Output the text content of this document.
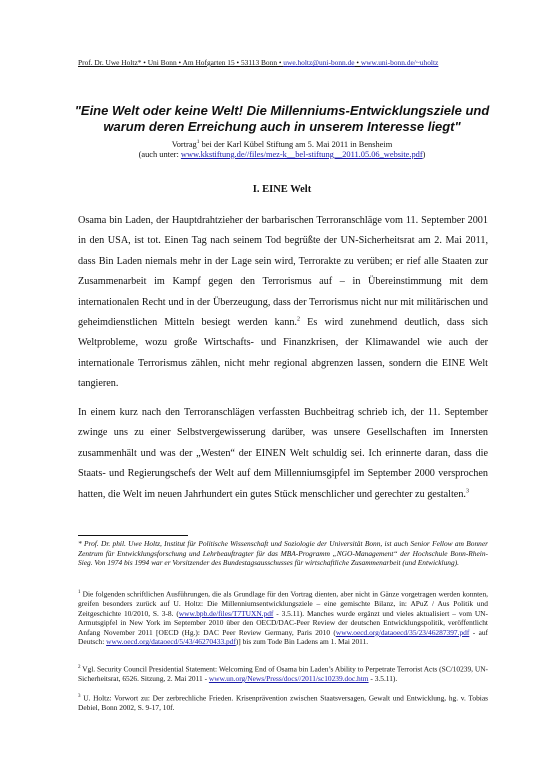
Prof. Dr. Uwe Holtz* • Uni Bonn • Am Hofgarten 15 • 53113 Bonn • uwe.holtz@uni-bonn.de • www.uni-bonn.de/~uholtz
"Eine Welt oder keine Welt! Die Millenniums-Entwicklungsziele und warum deren Erreichung auch in unserem Interesse liegt"
Vortrag$^1$ bei der Karl Kübel Stiftung am 5. Mai 2011 in Bensheim
(auch unter: www.kkstiftung.de//files/mez-k__bel-stiftung__2011.05.06_website.pdf)
I. EINE Welt
Osama bin Laden, der Hauptdrahtzieher der barbarischen Terroranschläge vom 11. September 2001 in den USA, ist tot. Einen Tag nach seinem Tod begrüßte der UN-Sicherheitsrat am 2. Mai 2011, dass Bin Laden niemals mehr in der Lage sein wird, Terrorakte zu verüben; er rief alle Staaten zur Zusammenarbeit im Kampf gegen den Terrorismus auf – in Übereinstimmung mit dem internationalen Recht und in der Überzeugung, dass der Terrorismus nicht nur mit militärischen und geheimdienstlichen Mitteln besiegt werden kann.$^2$ Es wird zunehmend deutlich, dass sich Weltprobleme, wozu große Wirtschafts- und Finanzkrisen, der Klimawandel wie auch der internationale Terrorismus zählen, nicht mehr regional abgrenzen lassen, sondern die EINE Welt tangieren.
In einem kurz nach den Terroranschlägen verfassten Buchbeitrag schrieb ich, der 11. September zwinge uns zu einer Selbstvergewisserung darüber, was unsere Gesellschaften im Innersten zusammenhält und was der „Westen“ der EINEN Welt schuldig sei. Ich erinnerte daran, dass die Staats- und Regierungschefs der Welt auf dem Millenniumsgipfel im September 2000 versprochen hatten, die Welt im neuen Jahrhundert ein gutes Stück menschlicher und gerechter zu gestalten.$^3$
* Prof. Dr. phil. Uwe Holtz, Institut für Politische Wissenschaft und Soziologie der Universität Bonn, ist auch Senior Fellow am Bonner Zentrum für Entwicklungsforschung und Lehrbeauftragter für das MBA-Programm „NGO-Management“ der Hochschule Bonn-Rhein-Sieg. Von 1974 bis 1994 war er Vorsitzender des Bundestagsausschusses für wirtschaftliche Zusammenarbeit (und Entwicklung).
$^1$ Die folgenden schriftlichen Ausführungen, die als Grundlage für den Vortrag dienten, aber nicht in Gänze vorgetragen werden konnten, greifen besonders zurück auf U. Holtz: Die Millenniumsentwicklungsziele – eine gemischte Bilanz, in: APuZ / Aus Politik und Zeitgeschichte 10/2010, S. 3-8. (www.bpb.de/files/T7TUXN.pdf - 3.5.11). Manches wurde ergänzt und vieles aktualisiert – vom UN-Armutsgipfel in New York im September 2010 über den OECD/DAC-Peer Review der deutschen Entwicklungspolitik, veröffentlicht Anfang November 2011 [OECD (Hg.): DAC Peer Review Germany, Paris 2010 (www.oecd.org/dataoecd/35/23/46287397.pdf - auf Deutsch: www.oecd.org/dataoecd/5/43/46270433.pdf)] bis zum Tode Bin Ladens am 1. Mai 2011.
$^2$ Vgl. Security Council Presidential Statement: Welcoming End of Osama bin Laden’s Ability to Perpetrate Terrorist Acts (SC/10239, UN-Sicherheitsrat, 6526. Sitzung, 2. Mai 2011 - www.un.org/News/Press/docs//2011/sc10239.doc.htm - 3.5.11).
$^3$ U. Holtz: Vorwort zu: Der zerbrechliche Frieden. Krisenprävention zwischen Staatsversagen, Gewalt und Entwicklung, hg. v. Tobias Debiel, Bonn 2002, S. 9-17, 10f.
